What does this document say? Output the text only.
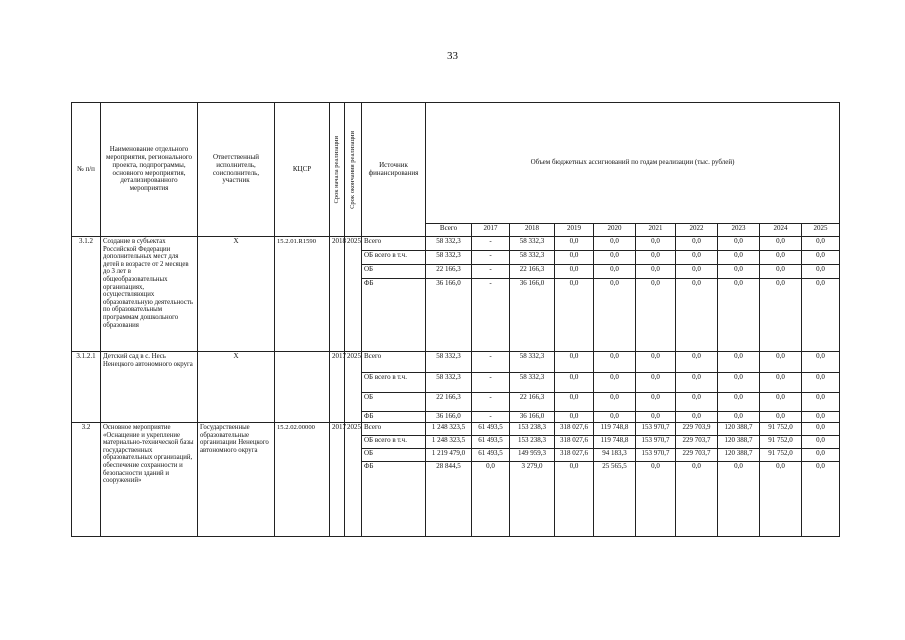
33
№ п/п	Наименование отдельного мероприятия, регионального проекта, подпрограммы, основного мероприятия, детализированного мероприятия	Ответственный исполнитель, соисполнитель, участник	КЦСР	Срок начала реализации	Срок окончания реализации	Источник финансирования	Объем бюджетных ассигнований по годам реализации (тыс. рублей)									
							Всего	2017	2018	2019	2020	2021	2022	2023	2024	2025
3.1.2	Создание в субъектах Российской Федерации дополнительных мест для детей в возрасте от 2 месяцев до 3 лет в общеобразовательных организациях, осуществляющих образовательную деятельность по образовательным программам дошкольного образования	Х	15.2.01.R1590	2018	2025	Всего	58 332,3	-	58 332,3	0,0	0,0	0,0	0,0	0,0	0,0	0,0
						ОБ всего в т.ч.	58 332,3	-	58 332,3	0,0	0,0	0,0	0,0	0,0	0,0	0,0
						ОБ	22 166,3	-	22 166,3	0,0	0,0	0,0	0,0	0,0	0,0	0,0
						ФБ	36 166,0	-	36 166,0	0,0	0,0	0,0	0,0	0,0	0,0	0,0
3.1.2.1	Детский сад в с. Несь Ненецкого автономного округа	Х		2017	2025	Всего	58 332,3	-	58 332,3	0,0	0,0	0,0	0,0	0,0	0,0	0,0
						ОБ всего в т.ч.	58 332,3	-	58 332,3	0,0	0,0	0,0	0,0	0,0	0,0	0,0
						ОБ	22 166,3	-	22 166,3	0,0	0,0	0,0	0,0	0,0	0,0	0,0
						ФБ	36 166,0	-	36 166,0	0,0	0,0	0,0	0,0	0,0	0,0	0,0
3.2	Основное мероприятие «Оснащение и укрепление материально-технической базы государственных образовательных организаций, обеспечение сохранности и безопасности зданий и сооружений»	Государственные образовательные организации Ненецкого автономного округа	15.2.02.00000	2017	2025	Всего	1 248 323,5	61 493,5	153 238,3	318 027,6	119 748,8	153 970,7	229 703,9	120 388,7	91 752,0	0,0
						ОБ всего в т.ч.	1 248 323,5	61 493,5	153 238,3	318 027,6	119 748,8	153 970,7	229 703,7	120 388,7	91 752,0	0,0
						ОБ	1 219 479,0	61 493,5	149 959,3	318 027,6	94 183,3	153 970,7	229 703,7	120 388,7	91 752,0	0,0
						ФБ	28 844,5	0,0	3 279,0	0,0	25 565,5	0,0	0,0	0,0	0,0	0,0
